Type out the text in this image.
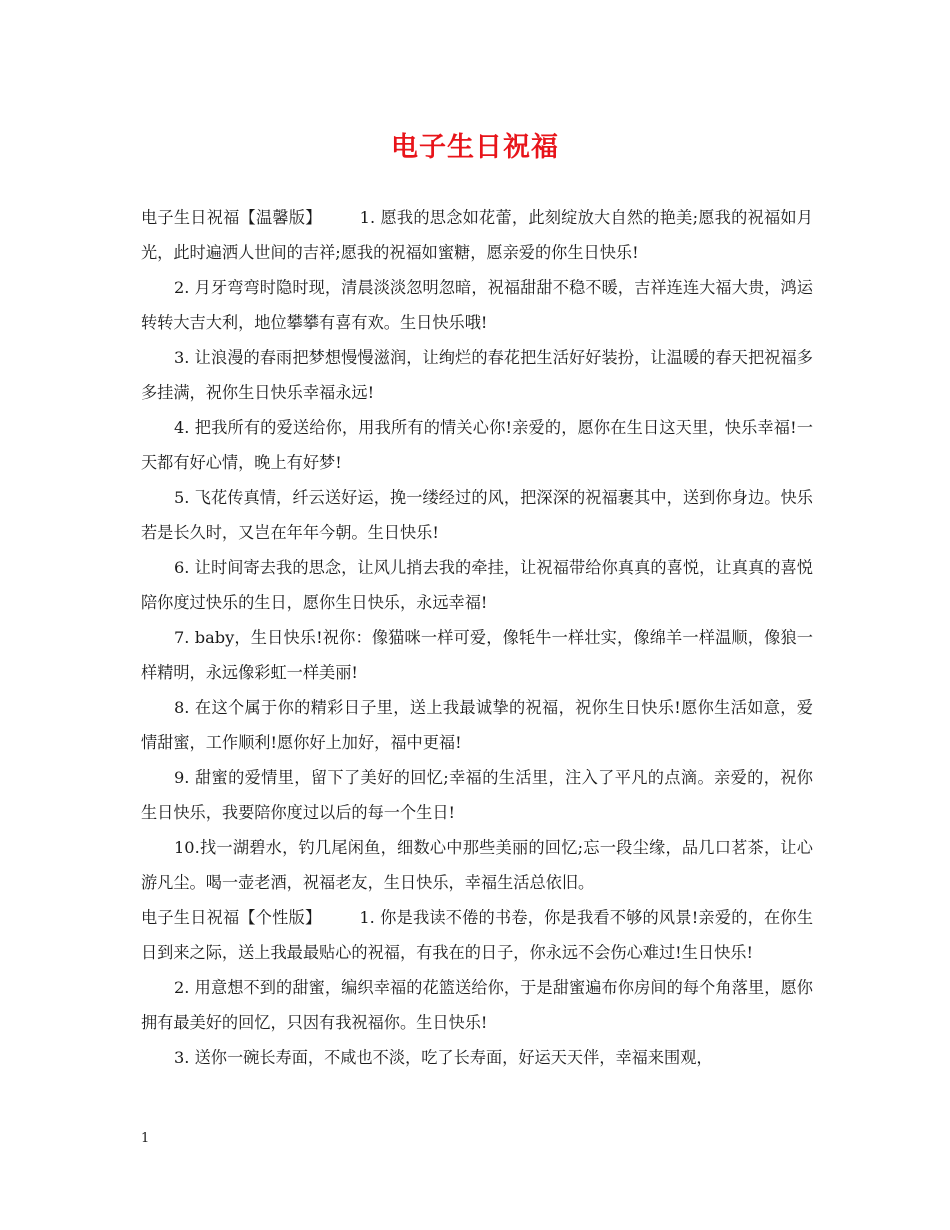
电子生日祝福

电子生日祝福【温馨版】 1. 愿我的思念如花蕾，此刻绽放大自然的艳美;愿我的祝福如月光，此时遍洒人世间的吉祥;愿我的祝福如蜜糖，愿亲爱的你生日快乐!

2. 月牙弯弯时隐时现，清晨淡淡忽明忽暗，祝福甜甜不稳不暖，吉祥连连大福大贵，鸿运转转大吉大利，地位攀攀有喜有欢。生日快乐哦!

3. 让浪漫的春雨把梦想慢慢滋润，让绚烂的春花把生活好好装扮，让温暖的春天把祝福多多挂满，祝你生日快乐幸福永远!

4. 把我所有的爱送给你，用我所有的情关心你!亲爱的，愿你在生日这天里，快乐幸福!一天都有好心情，晚上有好梦!

5. 飞花传真情，纤云送好运，挽一缕经过的风，把深深的祝福裹其中，送到你身边。快乐若是长久时，又岂在年年今朝。生日快乐!

6. 让时间寄去我的思念，让风儿捎去我的牵挂，让祝福带给你真真的喜悦，让真真的喜悦陪你度过快乐的生日，愿你生日快乐，永远幸福!

7. baby，生日快乐!祝你：像猫咪一样可爱，像牦牛一样壮实，像绵羊一样温顺，像狼一样精明，永远像彩虹一样美丽!

8. 在这个属于你的精彩日子里，送上我最诚挚的祝福，祝你生日快乐!愿你生活如意，爱情甜蜜，工作顺利!愿你好上加好，福中更福!

9. 甜蜜的爱情里，留下了美好的回忆;幸福的生活里，注入了平凡的点滴。亲爱的，祝你生日快乐，我要陪你度过以后的每一个生日!

10.找一湖碧水，钓几尾闲鱼，细数心中那些美丽的回忆;忘一段尘缘，品几口茗茶，让心游凡尘。喝一壶老酒，祝福老友，生日快乐，幸福生活总依旧。

电子生日祝福【个性版】 1. 你是我读不倦的书卷，你是我看不够的风景!亲爱的，在你生日到来之际，送上我最最贴心的祝福，有我在的日子，你永远不会伤心难过!生日快乐!

2. 用意想不到的甜蜜，编织幸福的花篮送给你，于是甜蜜遍布你房间的每个角落里，愿你拥有最美好的回忆，只因有我祝福你。生日快乐!

3. 送你一碗长寿面，不咸也不淡，吃了长寿面，好运天天伴，幸福来围观，

1
